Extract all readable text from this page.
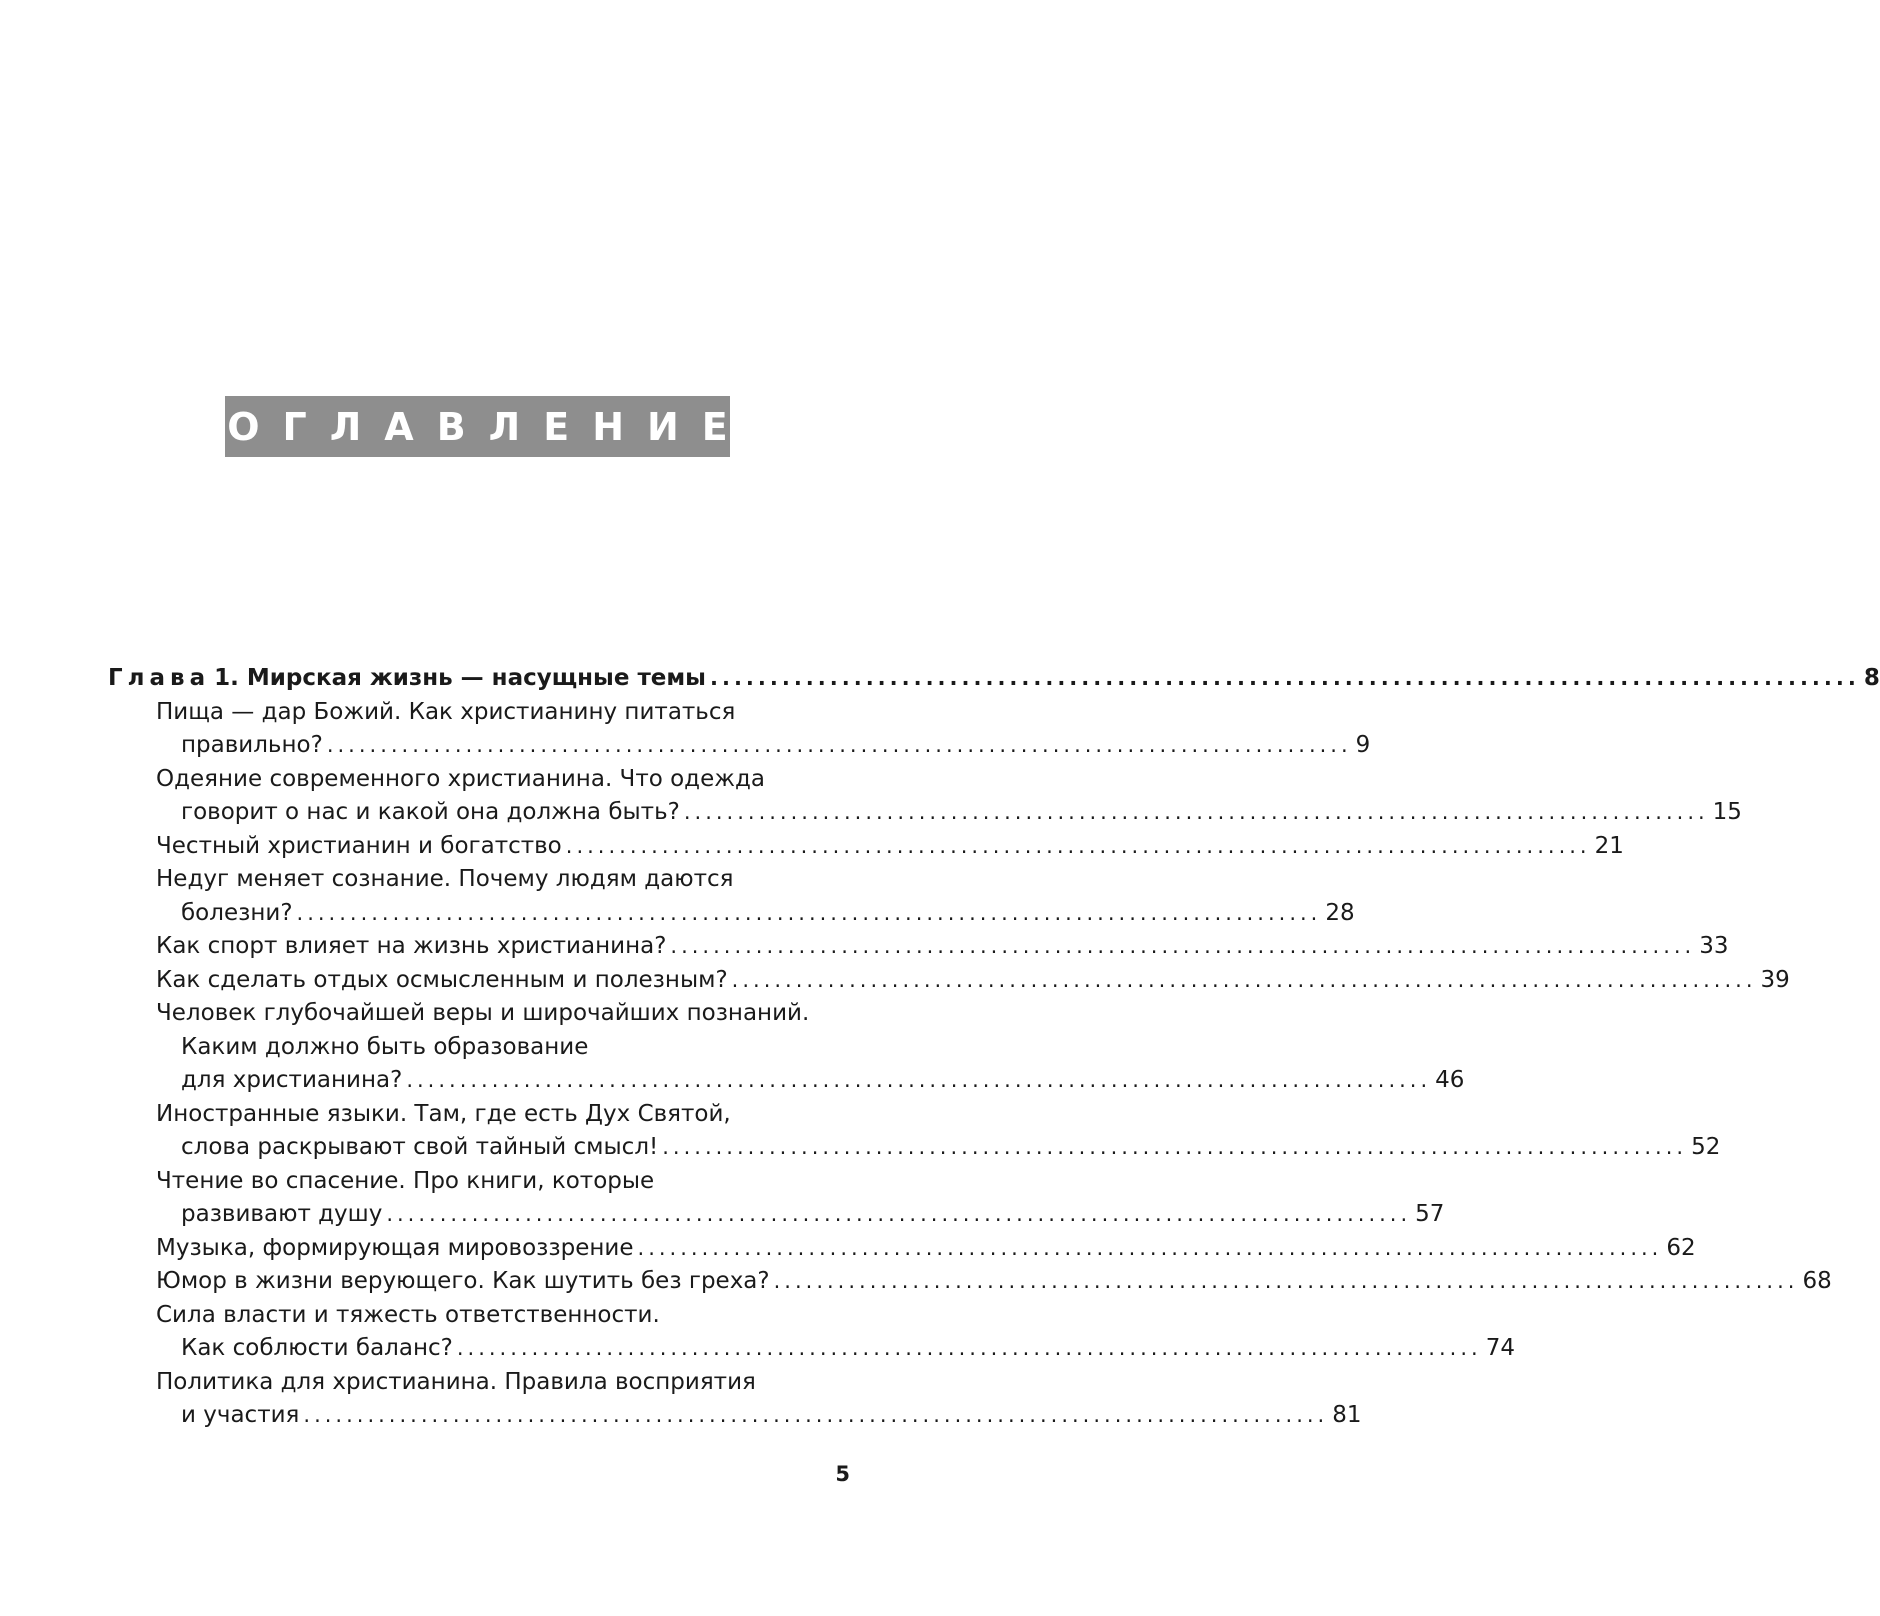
ОГЛАВЛЕНИЕ
Глава 1. Мирская жизнь — насущные темы ................................................................................................ 8
Пища — дар Божий. Как христианину питаться
правильно? ................................................................................................ 9
Одеяние современного христианина. Что одежда
говорит о нас и какой она должна быть? ................................................................................................ 15
Честный христианин и богатство ................................................................................................ 21
Недуг меняет сознание. Почему людям даются
болезни? ................................................................................................ 28
Как спорт влияет на жизнь христианина? ................................................................................................ 33
Как сделать отдых осмысленным и полезным? ................................................................................................ 39
Человек глубочайшей веры и широчайших познаний.
Каким должно быть образование
для христианина? ................................................................................................ 46
Иностранные языки. Там, где есть Дух Святой,
слова раскрывают свой тайный смысл! ................................................................................................ 52
Чтение во спасение. Про книги, которые
развивают душу ................................................................................................ 57
Музыка, формирующая мировоззрение ................................................................................................ 62
Юмор в жизни верующего. Как шутить без греха? ................................................................................................ 68
Сила власти и тяжесть ответственности.
Как соблюсти баланс? ................................................................................................ 74
Политика для христианина. Правила восприятия
и участия ................................................................................................ 81
5
